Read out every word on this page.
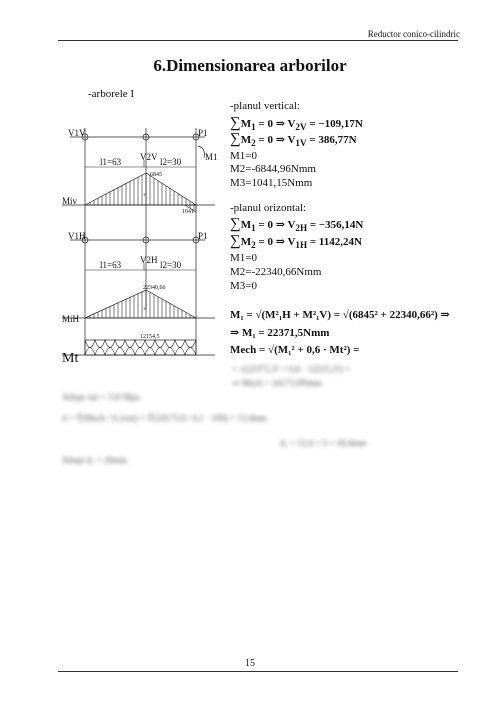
Reductor conico-cilindric
6.Dimensionarea arborilor
-arborele I
-planul vertical:
$\sum M_1 = 0$ ⇒ $V_{2V} = -109,17N$
$\sum M_2 = 0$ ⇒ $V_{1V} = 386,77N$
M1=0
M2=-6844,96Nmm
M3=1041,15Nmm
-planul orizontal:
$\sum M_1 = 0$ ⇒ $V_{2H} = -356,14N$
$\sum M_2 = 0$ ⇒ $V_{1H} = 1142,24N$
M1=0
M2=-22340,66Nmm
M3=0
M₁ = √(M²₁H + M²₁V) = √(6845² + 22340,66²) ⇒
⇒ M₁ = 22371,5Nmm
Mech = √(M₁² + 0,6 · Mt²) =
= √(22371,5² + 0,6 · 12215,3²) =
⇒ Mech = 24173,9Nmm
Adopt σai = 110 Mpa
d = ∛(Mech / 0,1σai) = ∛(24173,9 / 0,1 · 100) = 13,4mm
d₁ = 13,4 + 5 = 18,4mm
Adopt d₁ = 20mm
V1V	P1
M1
l1=63	l2=30
V2V
6845
+
1041
Miv
V1H	P1
l1=63	l2=30
V2H
22340,66
+
MiH
12154,5
Mt
15
